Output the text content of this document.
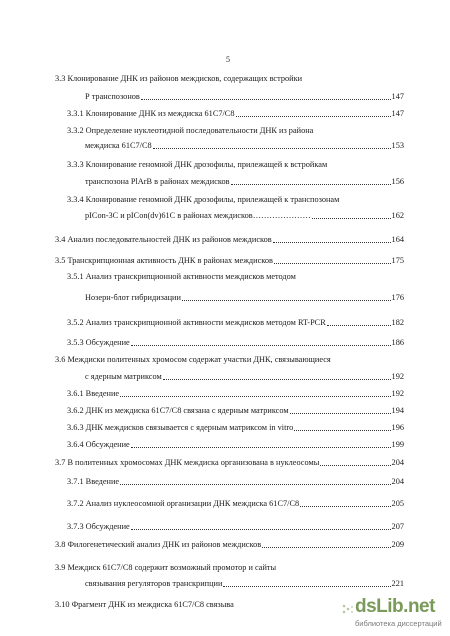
5
3.3 Клонирование ДНК из районов междисков, содержащих встройки
Р транспозонов	147
3.3.1 Клонирование ДНК из междиска 61С7/С8	147
3.3.2 Определение нуклеотидной последовательности ДНК из района
междиска 61С7/С8	153
3.3.3 Клонирование геномной ДНК дрозофилы, прилежащей к встройкам
транспозона PlArB в районах междисков	156
3.3.4 Клонирование геномной ДНК дрозофилы, прилежащей к транспозонам
pICon-3C и pICon(dv)61C в районах междисков…………………	162
3.4 Анализ последовательностей ДНК из районов междисков	164
3.5 Транскрипционная активность ДНК в районах междисков	175
3.5.1 Анализ транскрипционной активности междисков методом
Нозерн-блот гибридизации	176
3.5.2 Анализ транскрипционной активности междисков методом RT-PCR	182
3.5.3 Обсуждение	186
3.6 Междиски политенных хромосом содержат участки ДНК, связывающиеся
с ядерным матриксом	192
3.6.1 Введение	192
3.6.2 ДНК из междиска 61С7/С8 связана с ядерным матриксом	194
3.6.3 ДНК междисков связывается с ядерным матриксом in vitro	196
3.6.4 Обсуждение	199
3.7 В политенных хромосомах ДНК междиска организована в нуклеосомы	204
3.7.1 Введение	204
3.7.2 Анализ нуклеосомной организации ДНК междиска 61С7/С8	205
3.7.3 Обсуждение	207
3.8 Филогенетический анализ ДНК из районов междисков	209
3.9 Междиск 61С7/С8 содержит возможный промотор и сайты
связывания регуляторов транскрипции	221
3.10 Фрагмент ДНК из междиска 61С7/С8 связыва	dsLib.net
библиотека диссертаций
